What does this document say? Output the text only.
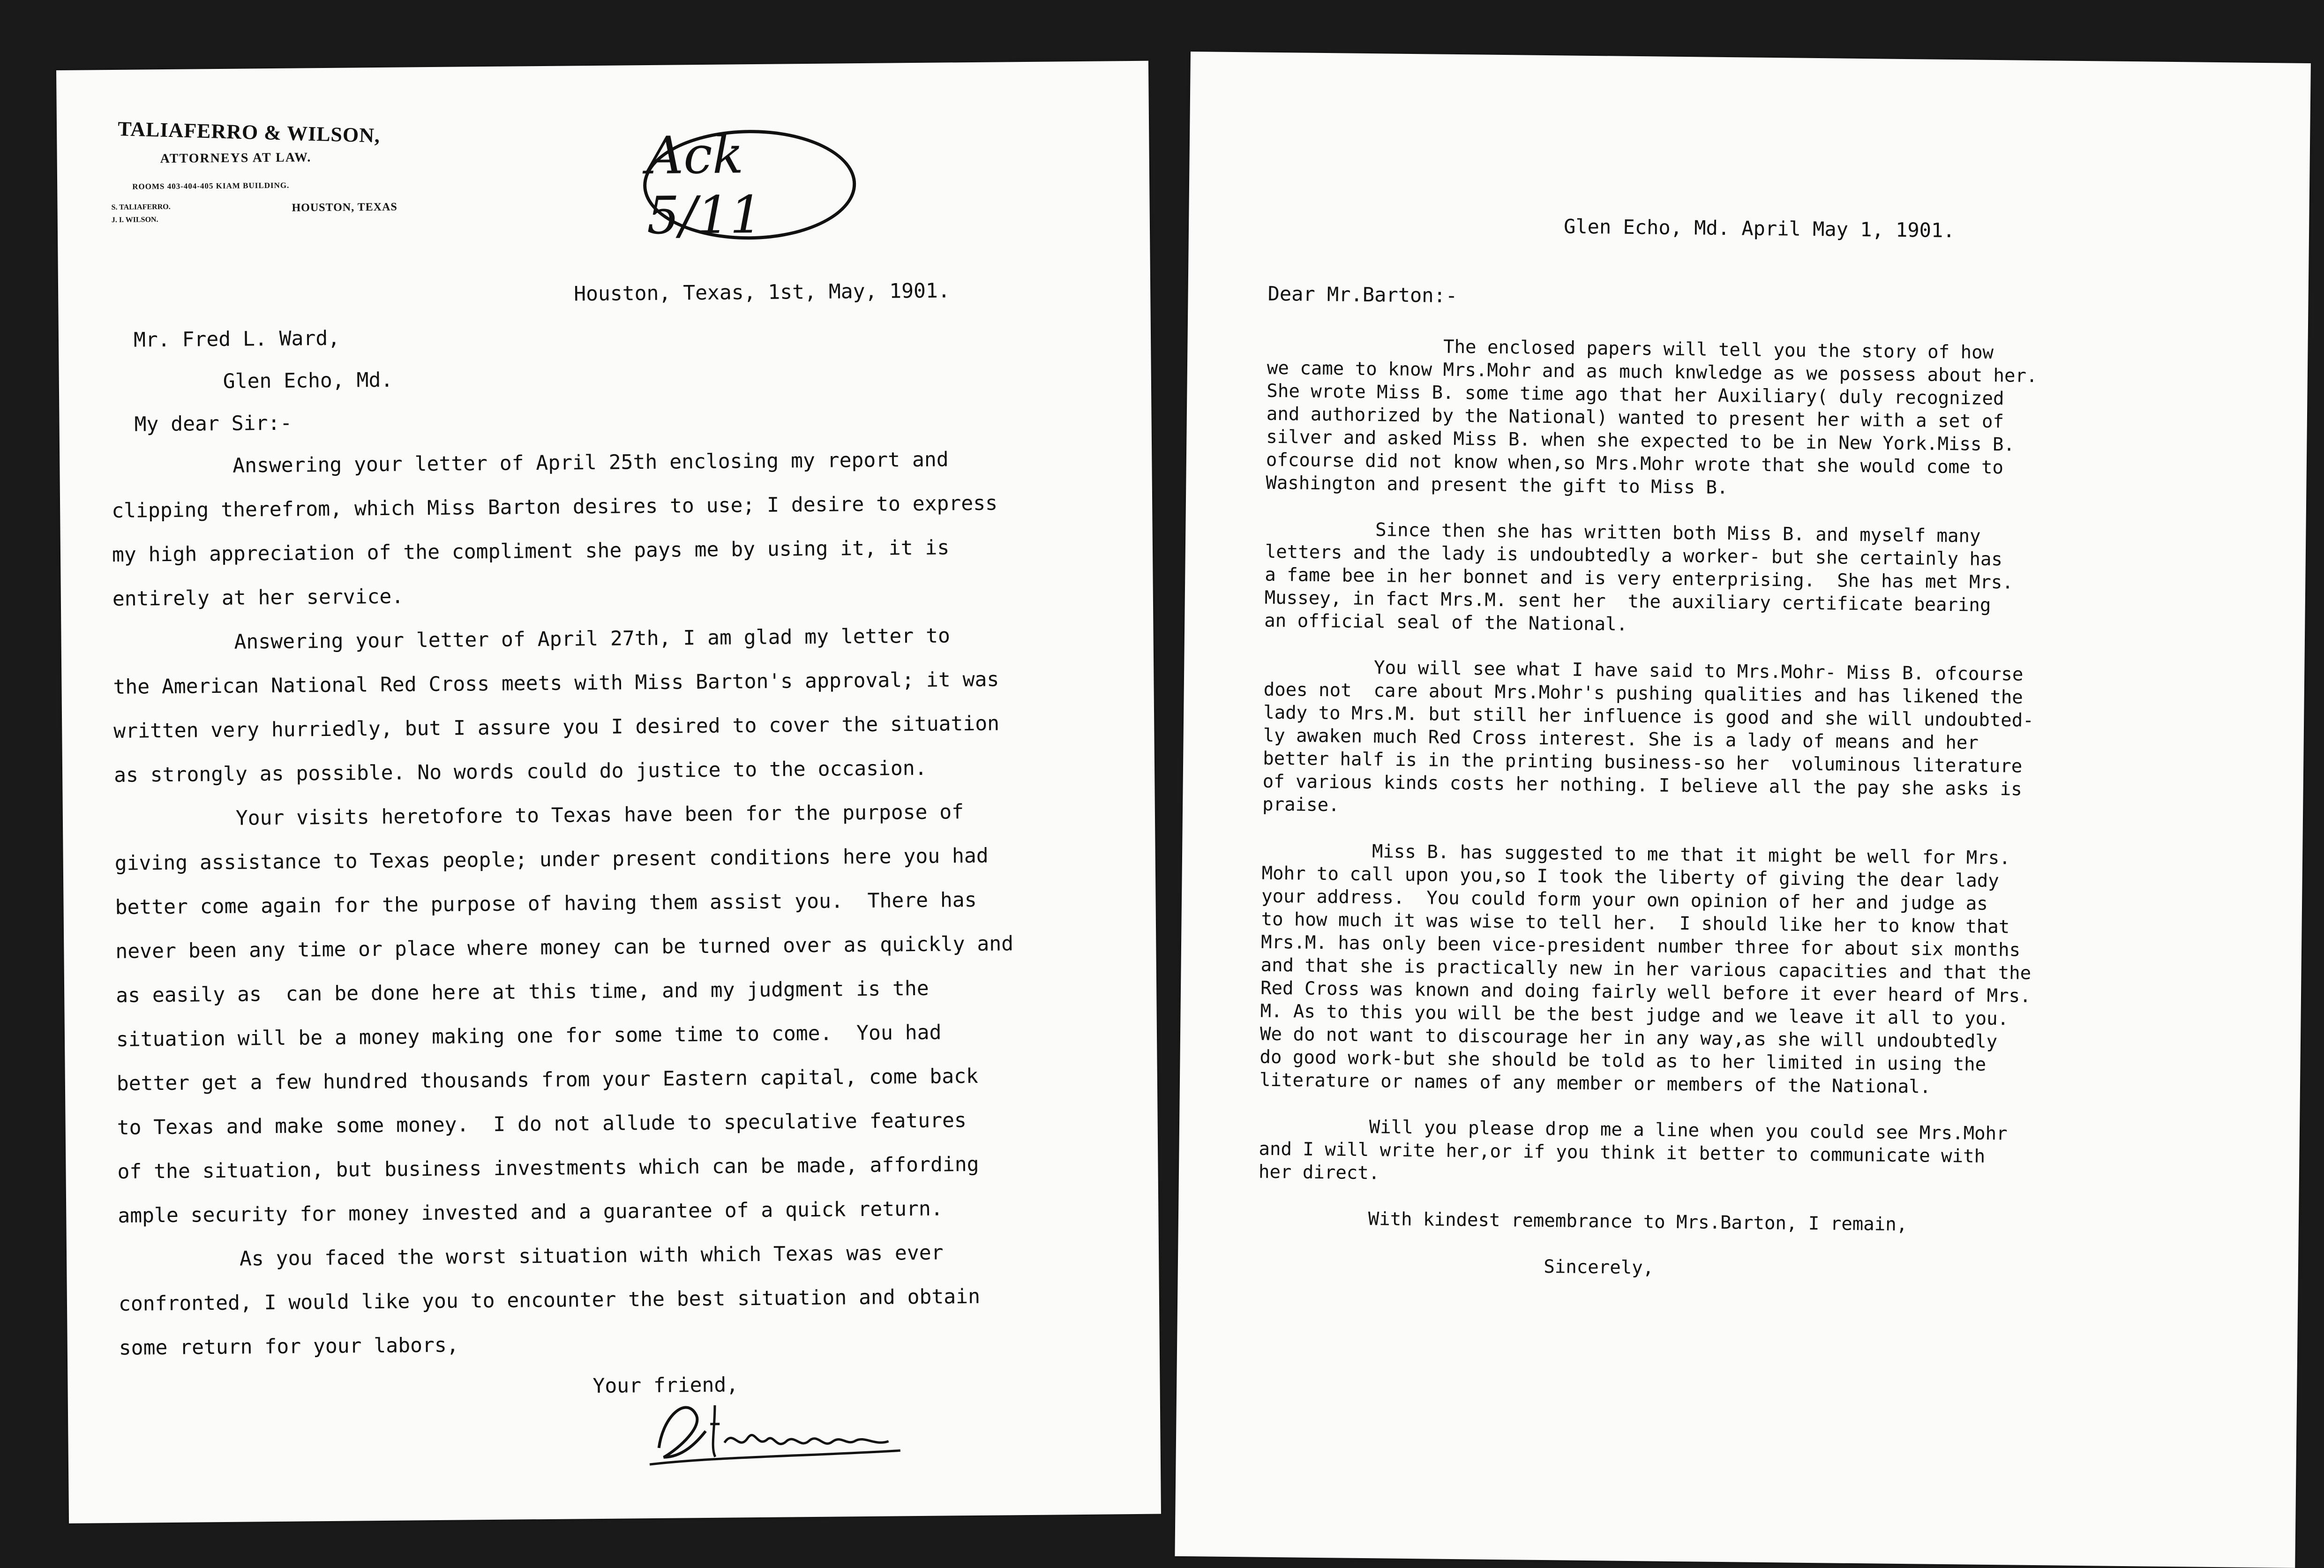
TALIAFERRO & WILSON,
ATTORNEYS AT LAW.
ROOMS 403-404-405 KIAM BUILDING.
S. TALIAFERRO.	HOUSTON, TEXAS
J. I. WILSON.
Ack 5/11
Houston, Texas, 1st, May, 1901.
Mr. Fred L. Ward,
Glen Echo, Md.
My dear Sir:-

Answering your letter of April 25th enclosing my report and

clipping therefrom, which Miss Barton desires to use; I desire to express

my high appreciation of the compliment she pays me by using it, it is

entirely at her service.

Answering your letter of April 27th, I am glad my letter to

the American National Red Cross meets with Miss Barton's approval; it was

written very hurriedly, but I assure you I desired to cover the situation

as strongly as possible. No words could do justice to the occasion.

Your visits heretofore to Texas have been for the purpose of

giving assistance to Texas people; under present conditions here you had

better come again for the purpose of having them assist you.  There has

never been any time or place where money can be turned over as quickly and

as easily as  can be done here at this time, and my judgment is the

situation will be a money making one for some time to come.  You had

better get a few hundred thousands from your Eastern capital, come back

to Texas and make some money.  I do not allude to speculative features

of the situation, but business investments which can be made, affording

ample security for money invested and a guarantee of a quick return.

As you faced the worst situation with which Texas was ever

confronted, I would like you to encounter the best situation and obtain

some return for your labors,

Your friend,
Glen Echo, Md. April May 1, 1901.
Dear Mr.Barton:-

The enclosed papers will tell you the story of how

we came to know Mrs.Mohr and as much knwledge as we possess about her.

She wrote Miss B. some time ago that her Auxiliary( duly recognized

and authorized by the National) wanted to present her with a set of

silver and asked Miss B. when she expected to be in New York.Miss B.

ofcourse did not know when,so Mrs.Mohr wrote that she would come to

Washington and present the gift to Miss B.

Since then she has written both Miss B. and myself many

letters and the lady is undoubtedly a worker- but she certainly has

a fame bee in her bonnet and is very enterprising.  She has met Mrs.

Mussey, in fact Mrs.M. sent her  the auxiliary certificate bearing

an official seal of the National.

You will see what I have said to Mrs.Mohr- Miss B. ofcourse

does not  care about Mrs.Mohr's pushing qualities and has likened the

lady to Mrs.M. but still her influence is good and she will undoubted-

ly awaken much Red Cross interest. She is a lady of means and her

better half is in the printing business-so her  voluminous literature

of various kinds costs her nothing. I believe all the pay she asks is

praise.

Miss B. has suggested to me that it might be well for Mrs.

Mohr to call upon you,so I took the liberty of giving the dear lady

your address.  You could form your own opinion of her and judge as

to how much it was wise to tell her.  I should like her to know that

Mrs.M. has only been vice-president number three for about six months

and that she is practically new in her various capacities and that the

Red Cross was known and doing fairly well before it ever heard of Mrs.

M. As to this you will be the best judge and we leave it all to you.

We do not want to discourage her in any way,as she will undoubtedly

do good work-but she should be told as to her limited in using the

literature or names of any member or members of the National.

Will you please drop me a line when you could see Mrs.Mohr

and I will write her,or if you think it better to communicate with

her direct.

With kindest remembrance to Mrs.Barton, I remain,

Sincerely,
